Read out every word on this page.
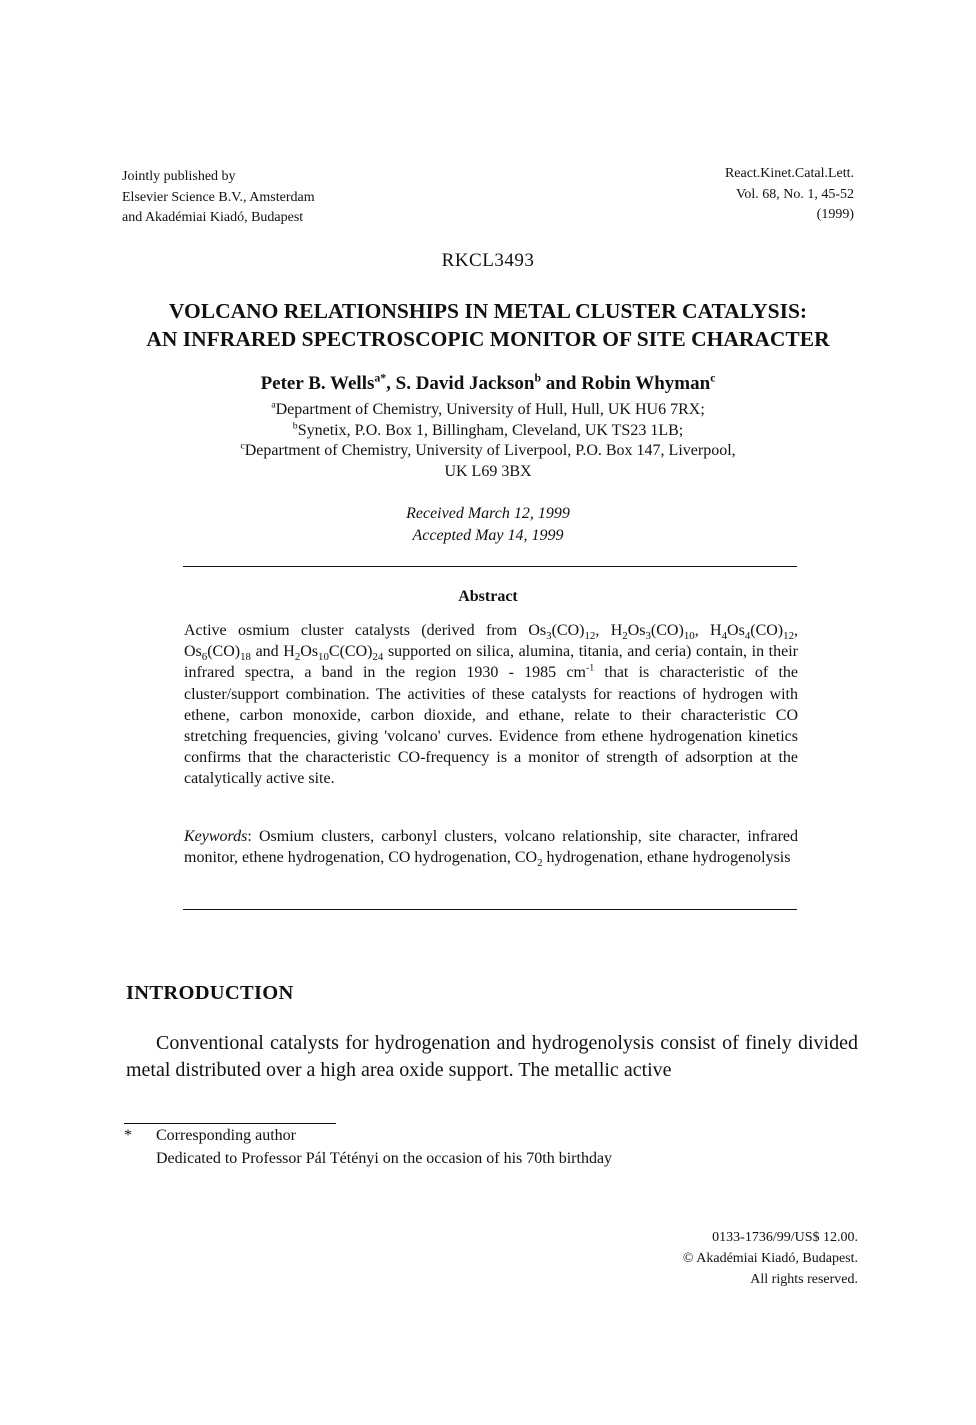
Jointly published by
Elsevier Science B.V., Amsterdam
and Akadémiai Kiadó, Budapest
React.Kinet.Catal.Lett.
Vol. 68, No. 1, 45-52
(1999)
RKCL3493
VOLCANO RELATIONSHIPS IN METAL CLUSTER CATALYSIS:
AN INFRARED SPECTROSCOPIC MONITOR OF SITE CHARACTER
Peter B. Wells$^{a*}$, S. David Jackson$^b$ and Robin Whyman$^c$
$^a$Department of Chemistry, University of Hull, Hull, UK HU6 7RX;
$^b$Synetix, P.O. Box 1, Billingham, Cleveland, UK TS23 1LB;
$^c$Department of Chemistry, University of Liverpool, P.O. Box 147, Liverpool,
UK L69 3BX
Received March 12, 1999
Accepted May 14, 1999
Abstract
Active osmium cluster catalysts (derived from $Os_3(CO)_{12}$, $H_2Os_3(CO)_{10}$, $H_4Os_4(CO)_{12}$, $Os_6(CO)_{18}$ and $H_2Os_{10}C(CO)_{24}$ supported on silica, alumina, titania, and ceria) contain, in their infrared spectra, a band in the region 1930 - 1985 $cm^{-1}$ that is characteristic of the cluster/support combination. The activities of these catalysts for reactions of hydrogen with ethene, carbon monoxide, carbon dioxide, and ethane, relate to their characteristic CO stretching frequencies, giving 'volcano' curves. Evidence from ethene hydrogenation kinetics confirms that the characteristic CO-frequency is a monitor of strength of adsorption at the catalytically active site.
Keywords: Osmium clusters, carbonyl clusters, volcano relationship, site character, infrared monitor, ethene hydrogenation, CO hydrogenation, $CO_2$ hydrogenation, ethane hydrogenolysis
INTRODUCTION
Conventional catalysts for hydrogenation and hydrogenolysis consist of finely divided metal distributed over a high area oxide support. The metallic active
* Corresponding author
Dedicated to Professor Pál Tétényi on the occasion of his 70th birthday
0133-1736/99/US$ 12.00.
© Akadémiai Kiadó, Budapest.
All rights reserved.
